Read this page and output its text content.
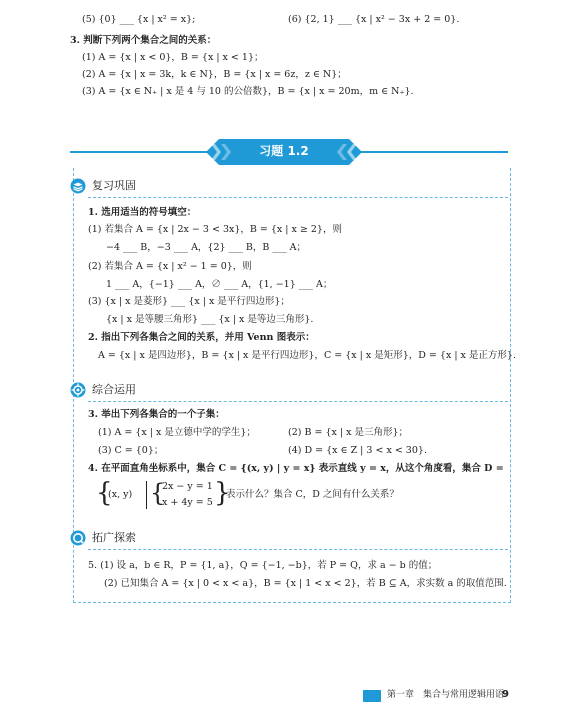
(5) {0} ___ {x | x² = x};	(6) {2, 1} ___ {x | x² − 3x + 2 = 0}.
3. 判断下列两个集合之间的关系：
(1) A = {x | x < 0}，B = {x | x < 1}；
(2) A = {x | x = 3k，k ∈ N}，B = {x | x = 6z，z ∈ N}；
(3) A = {x ∈ N₊ | x 是 4 与 10 的公倍数}，B = {x | x = 20m，m ∈ N₊}.
习题 1.2
复习巩固
1. 选用适当的符号填空：
(1) 若集合 A = {x | 2x − 3 < 3x}，B = {x | x ≥ 2}，则
−4 ___ B，−3 ___ A，{2} ___ B，B ___ A；
(2) 若集合 A = {x | x² − 1 = 0}，则
1 ___ A，{−1} ___ A，∅ ___ A，{1, −1} ___ A；
(3) {x | x 是菱形} ___ {x | x 是平行四边形}；
{x | x 是等腰三角形} ___ {x | x 是等边三角形}.
2. 指出下列各集合之间的关系，并用 Venn 图表示：
A = {x | x 是四边形}，B = {x | x 是平行四边形}，C = {x | x 是矩形}，D = {x | x 是正方形}.
综合运用
3. 举出下列各集合的一个子集：
(1) A = {x | x 是立德中学的学生}；	(2) B = {x | x 是三角形}；
(3) C = {0}；	(4) D = {x ∈ Z | 3 < x < 30}.
4. 在平面直角坐标系中，集合 C = {(x, y) | y = x} 表示直线 y = x，从这个角度看，集合 D =
{
(x, y) {
2x − y = 1
x + 4y = 5 }
表示什么？集合 C，D 之间有什么关系？
拓广探索
5. (1) 设 a，b ∈ R，P = {1, a}，Q = {−1, −b}，若 P = Q，求 a − b 的值；
(2) 已知集合 A = {x | 0 < x < a}，B = {x | 1 < x < 2}，若 B ⊆ A，求实数 a 的取值范围.
第一章　集合与常用逻辑用语
9
